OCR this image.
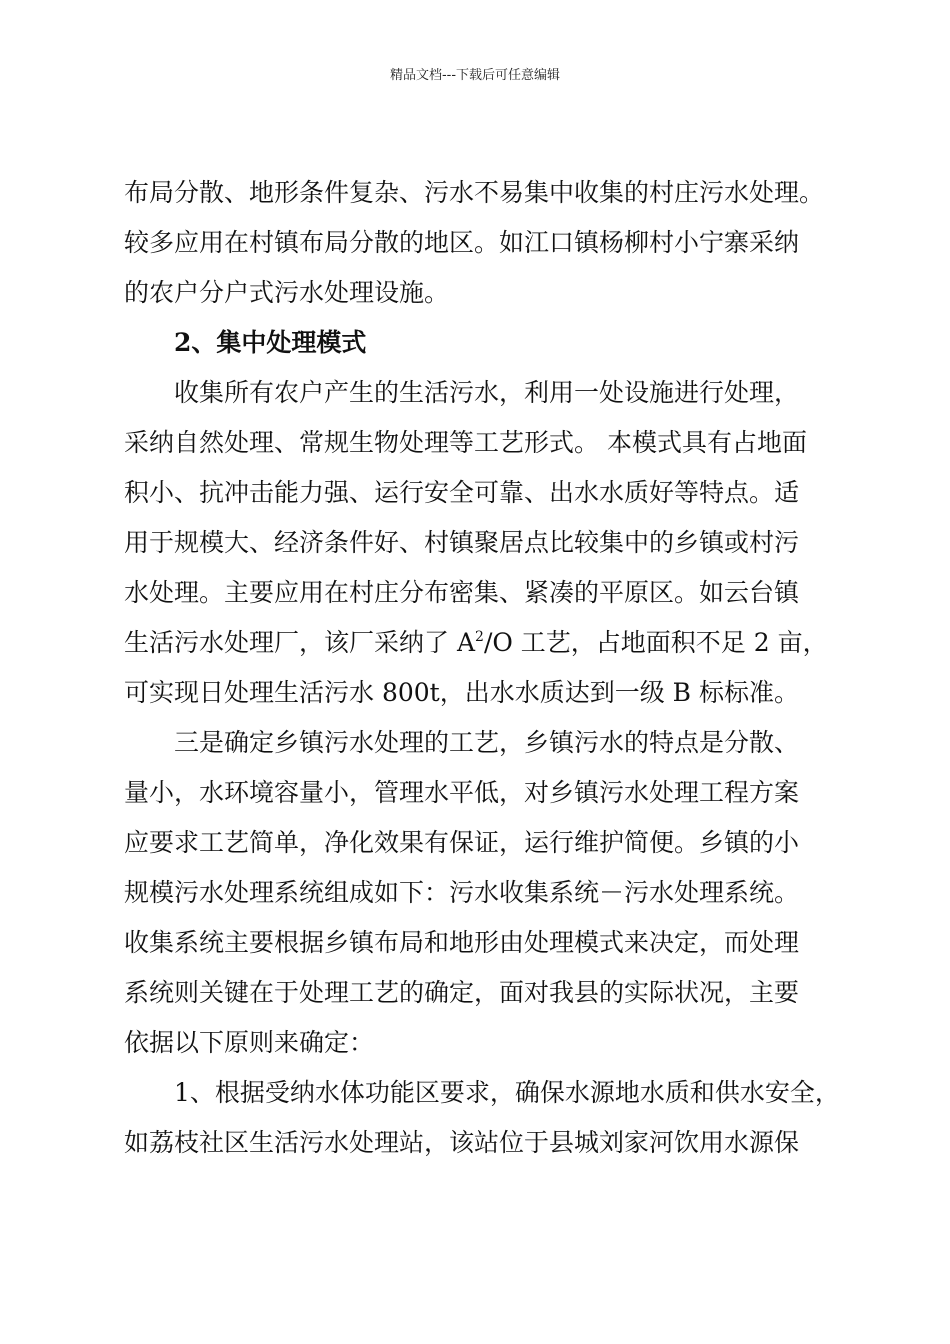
精品文档---下载后可任意编辑
布局分散、地形条件复杂、污水不易集中收集的村庄污水处理。
较多应用在村镇布局分散的地区。如江口镇杨柳村小宁寨采纳
的农户分户式污水处理设施。
2、集中处理模式
收集所有农户产生的生活污水，利用一处设施进行处理，
采纳自然处理、常规生物处理等工艺形式。 本模式具有占地面
积小、抗冲击能力强、运行安全可靠、出水水质好等特点。适
用于规模大、经济条件好、村镇聚居点比较集中的乡镇或村污
水处理。主要应用在村庄分布密集、紧凑的平原区。如云台镇
生活污水处理厂，该厂采纳了 $A^2/O$ 工艺，占地面积不足 2 亩，
可实现日处理生活污水 800t，出水水质达到一级 B 标标准。
三是确定乡镇污水处理的工艺，乡镇污水的特点是分散、
量小，水环境容量小，管理水平低，对乡镇污水处理工程方案
应要求工艺简单，净化效果有保证，运行维护简便。乡镇的小
规模污水处理系统组成如下：污水收集系统－污水处理系统。
收集系统主要根据乡镇布局和地形由处理模式来决定，而处理
系统则关键在于处理工艺的确定，面对我县的实际状况，主要
依据以下原则来确定：
1、根据受纳水体功能区要求，确保水源地水质和供水安全，
如荔枝社区生活污水处理站，该站位于县城刘家河饮用水源保
